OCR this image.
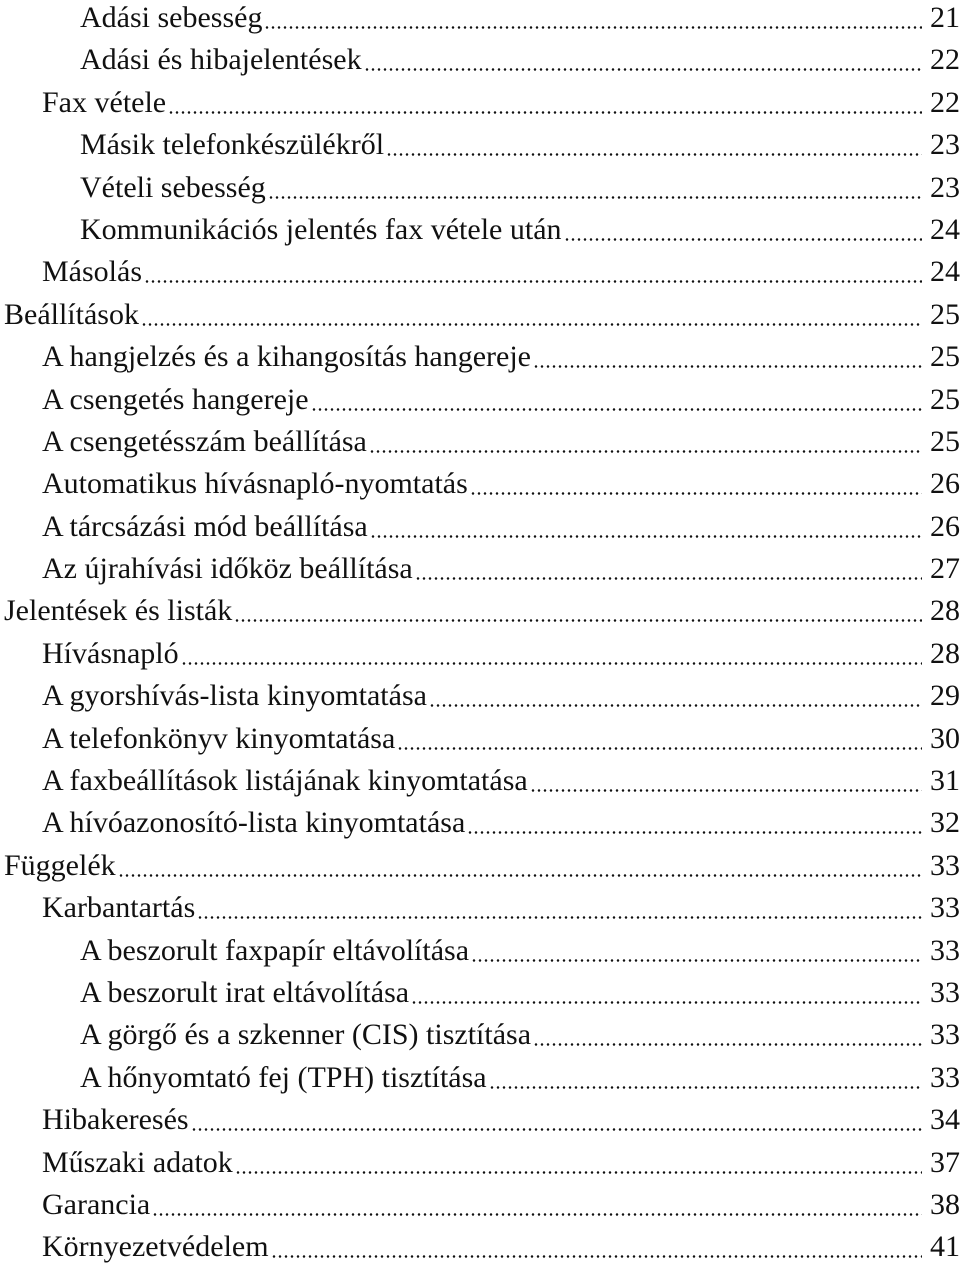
Adási sebesség	21
Adási és hibajelentések	22
Fax vétele	22
Másik telefonkészülékről	23
Vételi sebesség	23
Kommunikációs jelentés fax vétele után	24
Másolás	24
Beállítások	25
A hangjelzés és a kihangosítás hangereje	25
A csengetés hangereje	25
A csengetésszám beállítása	25
Automatikus hívásnapló-nyomtatás	26
A tárcsázási mód beállítása	26
Az újrahívási időköz beállítása	27
Jelentések és listák	28
Hívásnapló	28
A gyorshívás-lista kinyomtatása	29
A telefonkönyv kinyomtatása	30
A faxbeállítások listájának kinyomtatása	31
A hívóazonosító-lista kinyomtatása	32
Függelék	33
Karbantartás	33
A beszorult faxpapír eltávolítása	33
A beszorult irat eltávolítása	33
A görgő és a szkenner (CIS) tisztítása	33
A hőnyomtató fej (TPH) tisztítása	33
Hibakeresés	34
Műszaki adatok	37
Garancia	38
Környezetvédelem	41
